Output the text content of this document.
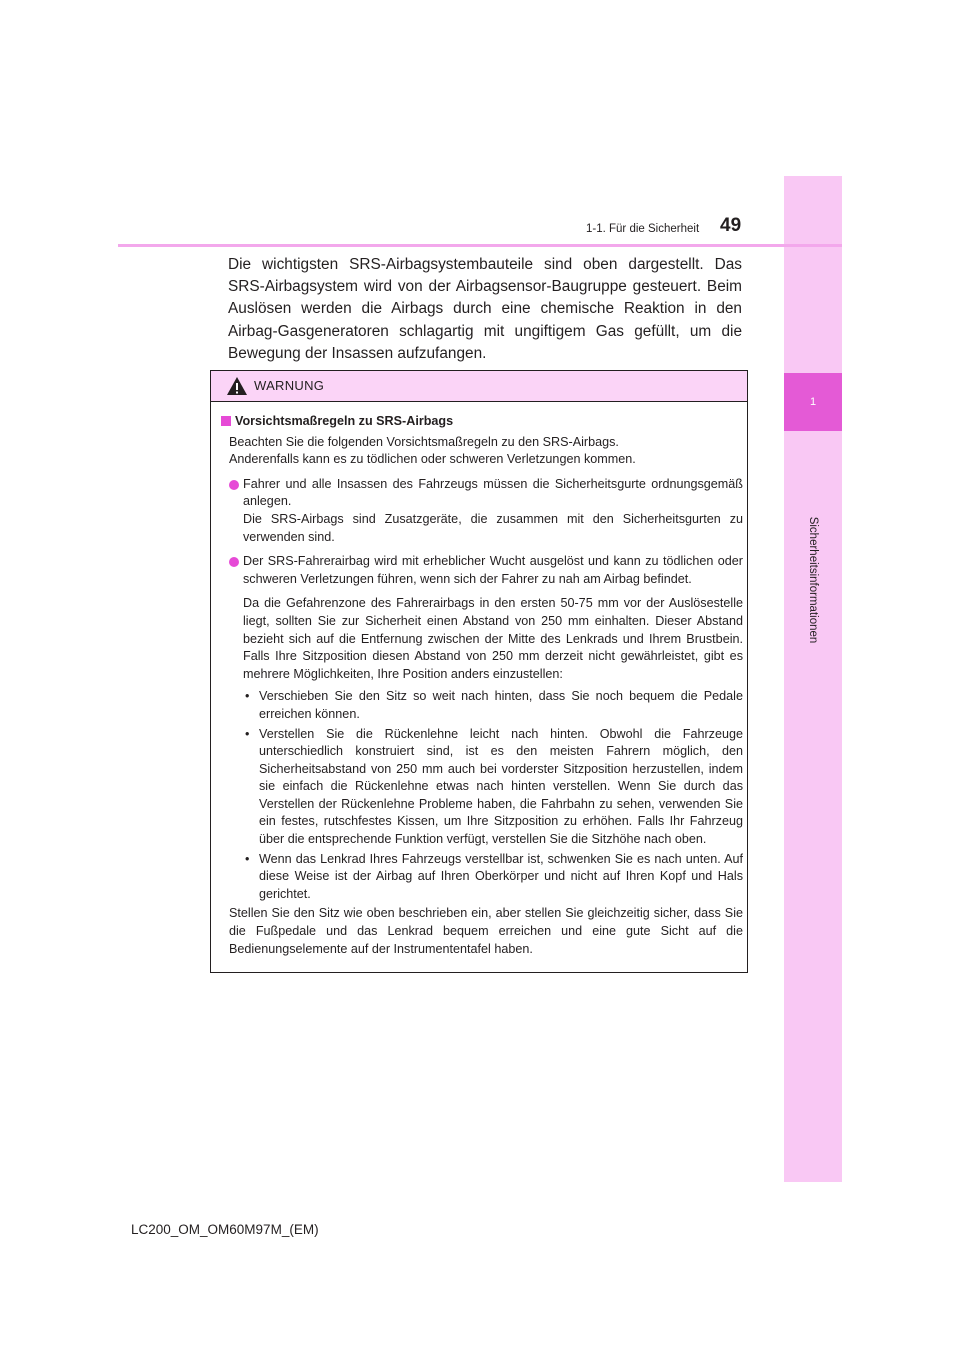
1
Sicherheitsinformationen
49
1-1. Für die Sicherheit

Die wichtigsten SRS-Airbagsystembauteile sind oben dargestellt. Das SRS-Airbagsystem wird von der Airbagsensor-Baugruppe gesteuert. Beim Auslösen werden die Airbags durch eine chemische Reaktion in den Airbag-Gasgeneratoren schlagartig mit ungiftigem Gas gefüllt, um die Bewegung der Insassen aufzufangen.

WARNUNG
Vorsichtsmaßregeln zu SRS-Airbags
Beachten Sie die folgenden Vorsichtsmaßregeln zu den SRS-Airbags.
Anderenfalls kann es zu tödlichen oder schweren Verletzungen kommen.
Fahrer und alle Insassen des Fahrzeugs müssen die Sicherheitsgurte ordnungsgemäß anlegen.
Die SRS-Airbags sind Zusatzgeräte, die zusammen mit den Sicherheitsgurten zu verwenden sind.
Der SRS-Fahrerairbag wird mit erheblicher Wucht ausgelöst und kann zu tödlichen oder schweren Verletzungen führen, wenn sich der Fahrer zu nah am Airbag befindet.
Da die Gefahrenzone des Fahrerairbags in den ersten 50-75 mm vor der Auslösestelle liegt, sollten Sie zur Sicherheit einen Abstand von 250 mm einhalten. Dieser Abstand bezieht sich auf die Entfernung zwischen der Mitte des Lenkrads und Ihrem Brustbein. Falls Ihre Sitzposition diesen Abstand von 250 mm derzeit nicht gewährleistet, gibt es mehrere Möglichkeiten, Ihre Position anders einzustellen:
• Verschieben Sie den Sitz so weit nach hinten, dass Sie noch bequem die Pedale erreichen können.
• Verstellen Sie die Rückenlehne leicht nach hinten. Obwohl die Fahrzeuge unterschiedlich konstruiert sind, ist es den meisten Fahrern möglich, den Sicherheitsabstand von 250 mm auch bei vorderster Sitzposition herzustellen, indem sie einfach die Rückenlehne etwas nach hinten verstellen. Wenn Sie durch das Verstellen der Rückenlehne Probleme haben, die Fahrbahn zu sehen, verwenden Sie ein festes, rutschfestes Kissen, um Ihre Sitzposition zu erhöhen. Falls Ihr Fahrzeug über die entsprechende Funktion verfügt, verstellen Sie die Sitzhöhe nach oben.
• Wenn das Lenkrad Ihres Fahrzeugs verstellbar ist, schwenken Sie es nach unten. Auf diese Weise ist der Airbag auf Ihren Oberkörper und nicht auf Ihren Kopf und Hals gerichtet.
Stellen Sie den Sitz wie oben beschrieben ein, aber stellen Sie gleichzeitig sicher, dass Sie die Fußpedale und das Lenkrad bequem erreichen und eine gute Sicht auf die Bedienungselemente auf der Instrumententafel haben.
LC200_OM_OM60M97M_(EM)
